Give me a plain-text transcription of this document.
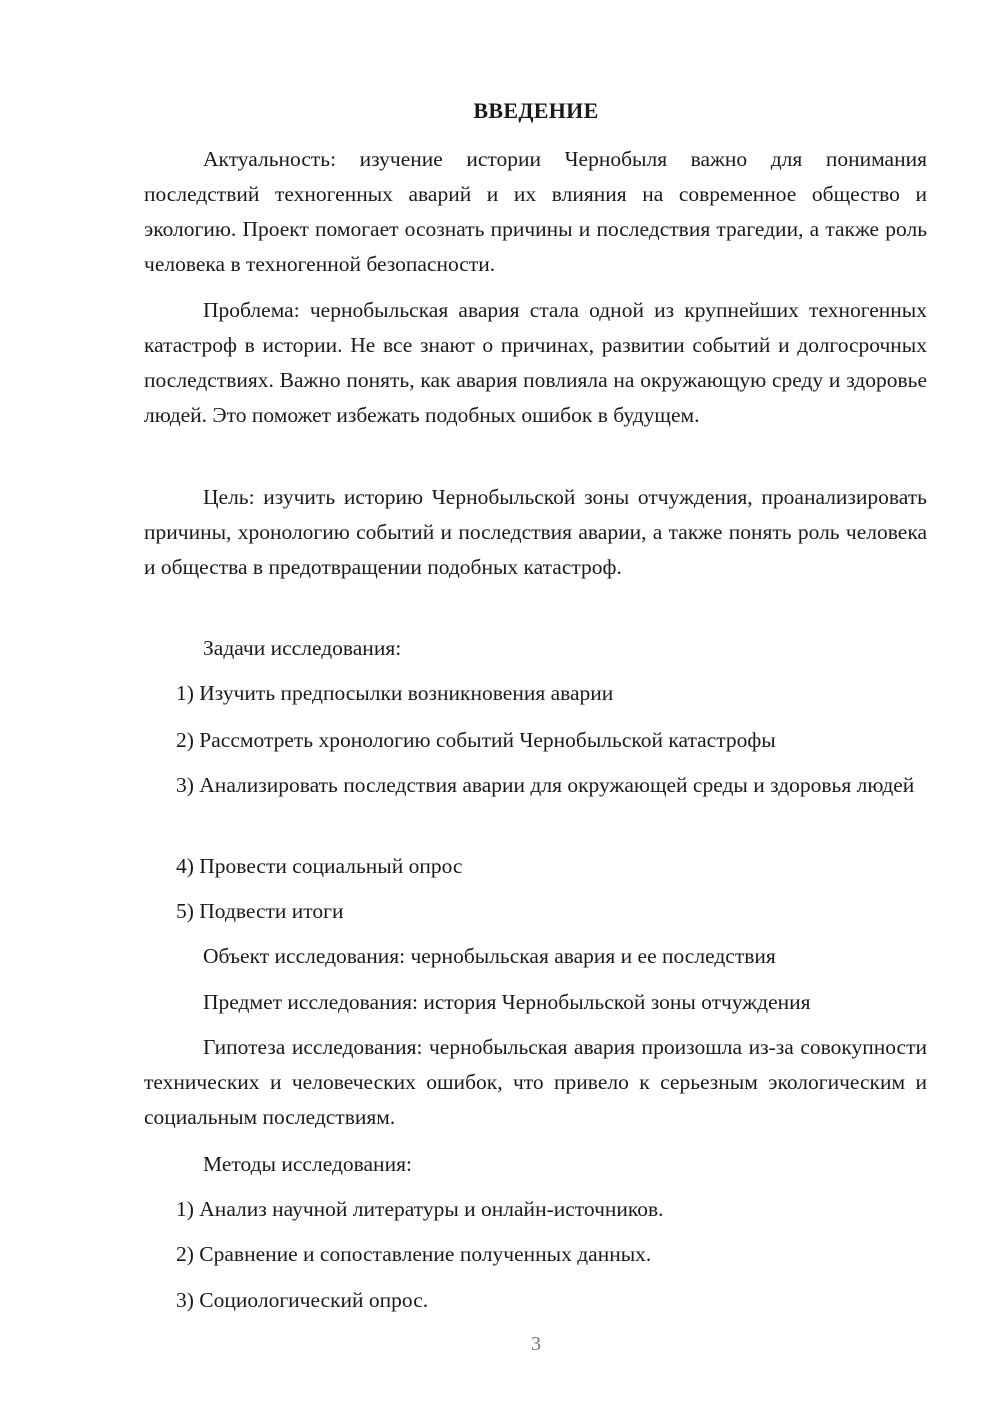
ВВЕДЕНИЕ

Актуальность: изучение истории Чернобыля важно для понимания последствий техногенных аварий и их влияния на современное общество и экологию. Проект помогает осознать причины и последствия трагедии, а также роль человека в техногенной безопасности.

Проблема: чернобыльская авария стала одной из крупнейших техногенных катастроф в истории. Не все знают о причинах, развитии событий и долгосрочных последствиях. Важно понять, как авария повлияла на окружающую среду и здоровье людей. Это поможет избежать подобных ошибок в будущем.

Цель: изучить историю Чернобыльской зоны отчуждения, проанализировать причины, хронологию событий и последствия аварии, а также понять роль человека и общества в предотвращении подобных катастроф.

Задачи исследования:

1) Изучить предпосылки возникновения аварии

2) Рассмотреть хронологию событий Чернобыльской катастрофы

3) Анализировать последствия аварии для окружающей среды и здоровья людей

4) Провести социальный опрос

5) Подвести итоги

Объект исследования: чернобыльская авария и ее последствия

Предмет исследования: история Чернобыльской зоны отчуждения

Гипотеза исследования: чернобыльская авария произошла из-за совокупности технических и человеческих ошибок, что привело к серьезным экологическим и социальным последствиям.

Методы исследования:

1) Анализ научной литературы и онлайн-источников.

2) Сравнение и сопоставление полученных данных.

3) Социологический опрос.

3
